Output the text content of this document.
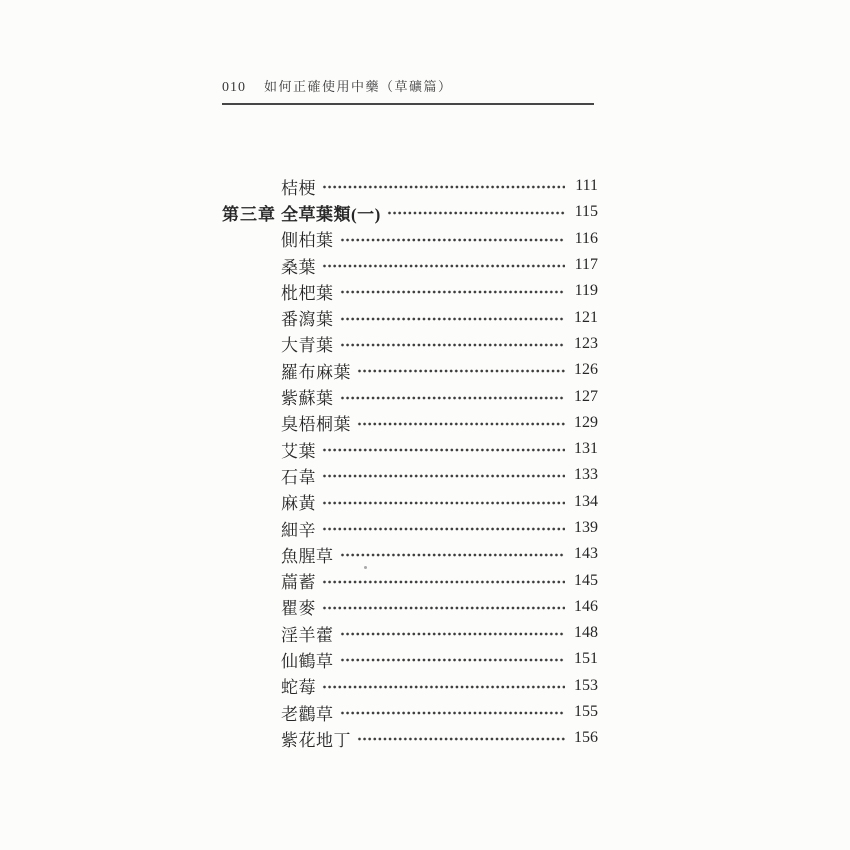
010 如何正確使用中藥（草礦篇）
桔梗	111
第三章 全草葉類(一)	115
側柏葉	116
桑葉	117
枇杷葉	119
番瀉葉	121
大青葉	123
羅布麻葉	126
紫蘇葉	127
臭梧桐葉	129
艾葉	131
石韋	133
麻黃	134
細辛	139
魚腥草	143
萹蓄	145
瞿麥	146
淫羊藿	148
仙鶴草	151
蛇莓	153
老鸛草	155
紫花地丁	156
